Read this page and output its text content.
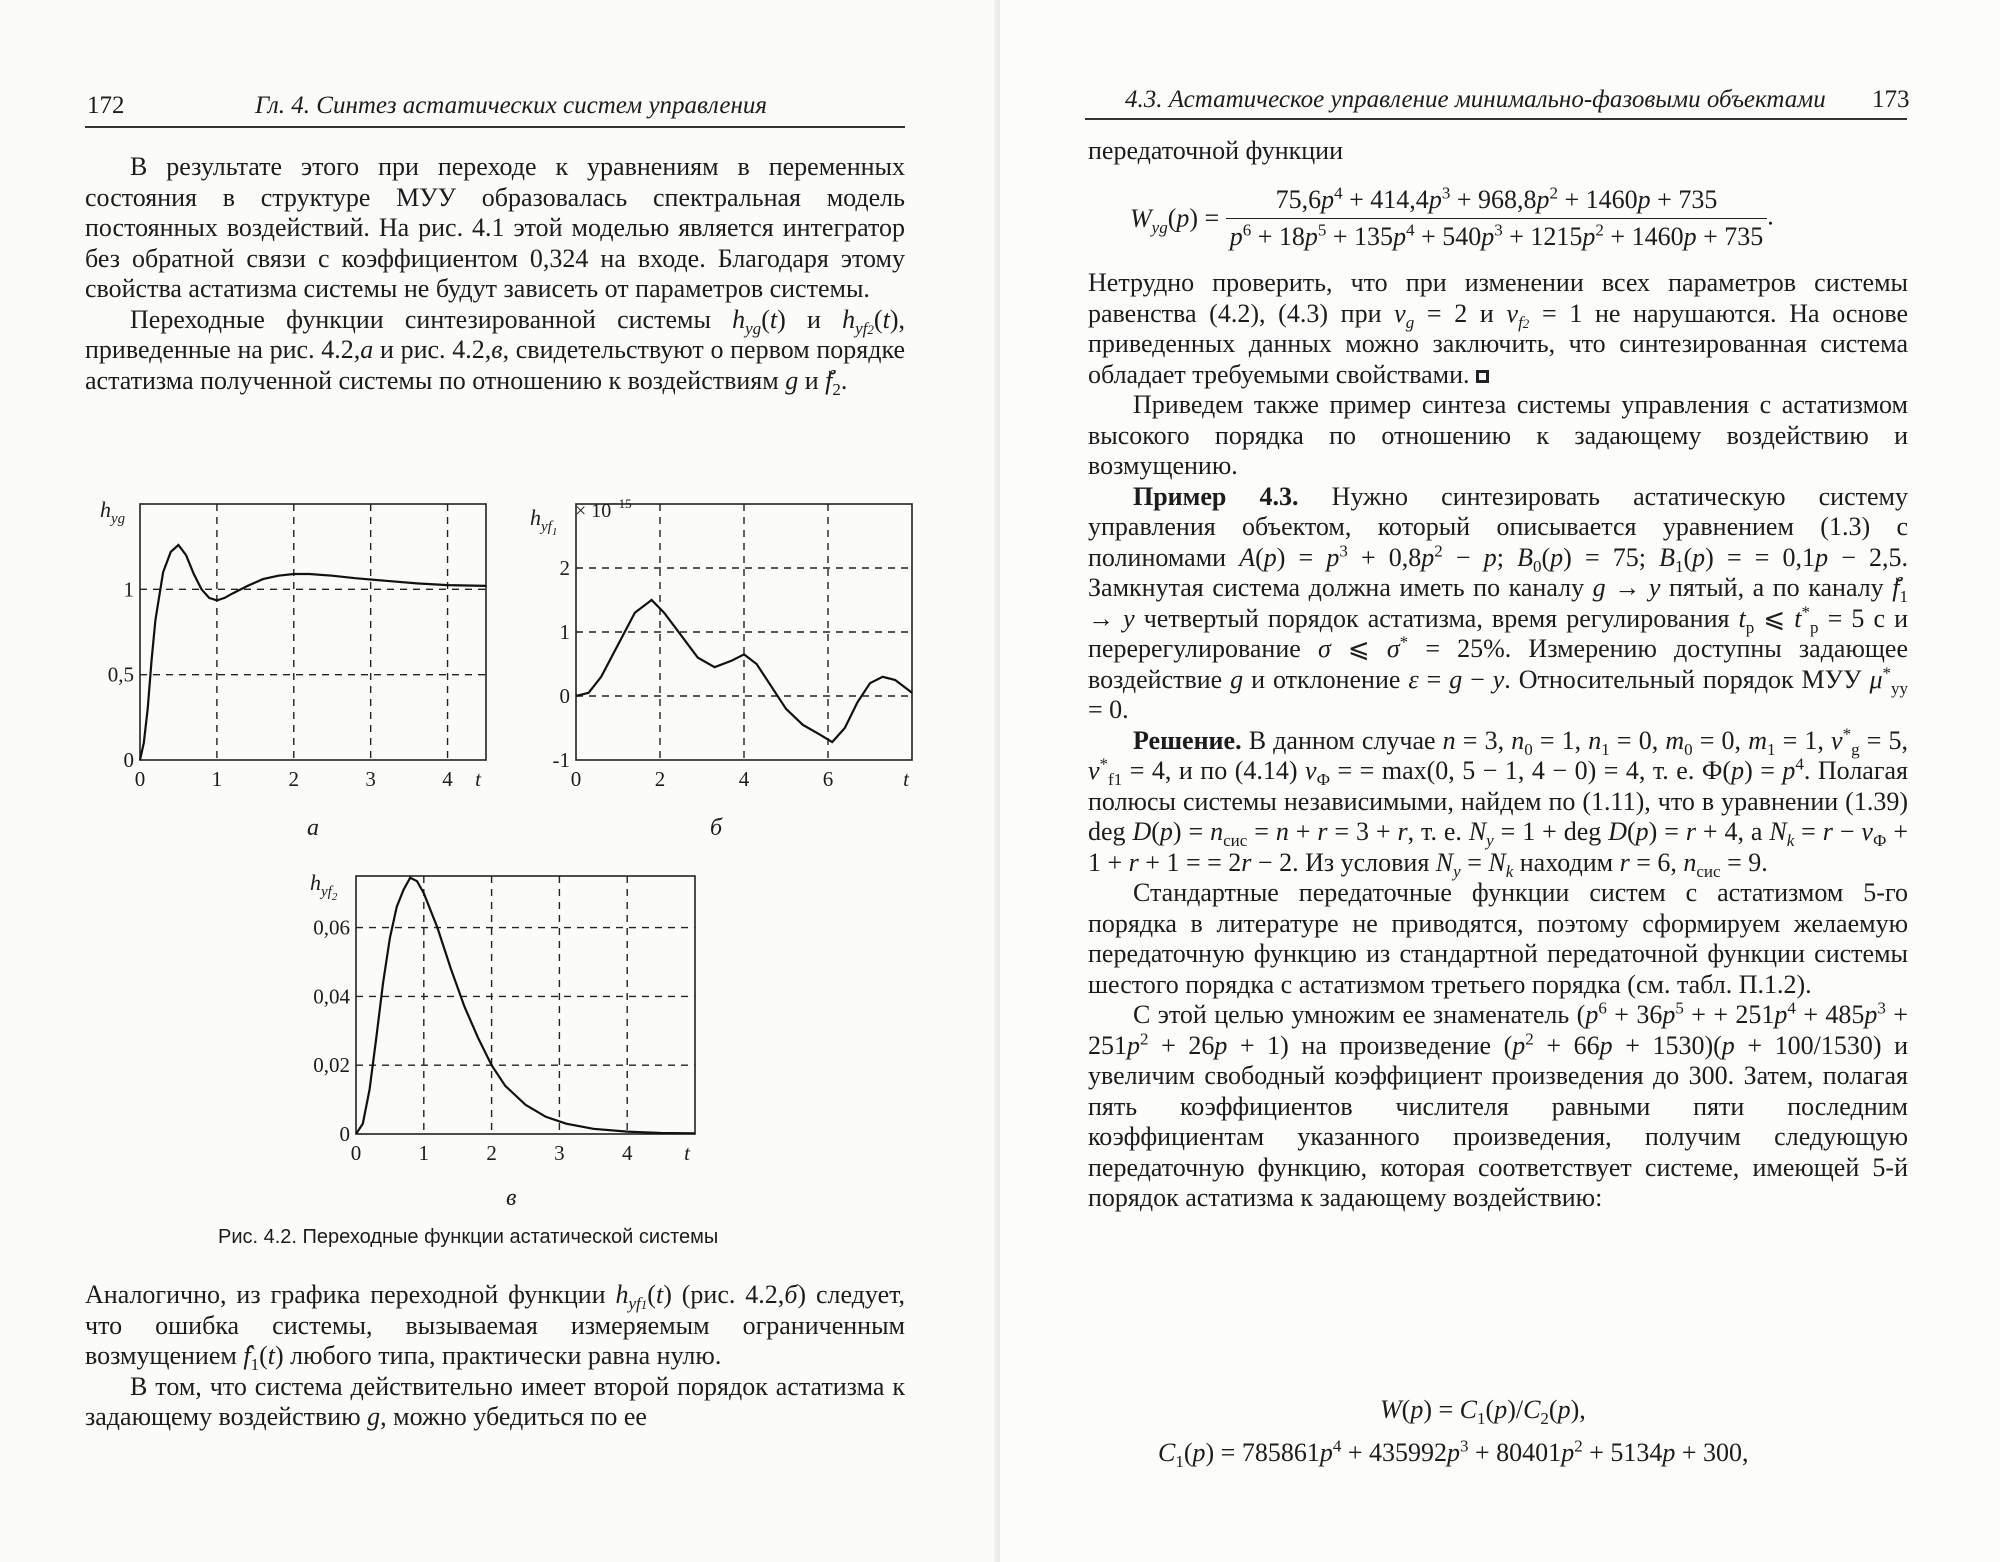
172	Гл. 4. Синтез астатических систем управления

В результате этого при переходе к уравнениям в переменных состояния в структуре МУУ образовалась спектральная модель постоянных воздействий. На рис. 4.1 этой моделью является интегратор без обратной связи с коэффициентом 0,324 на входе. Благодаря этому свойства астатизма системы не будут зависеть от параметров системы.

Переходные функции синтезированной системы $h_{yg}(t)$ и $h_{yf2}(t)$, приведенные на рис. 4.2,а и рис. 4.2,в, свидетельствуют о первом порядке астатизма полученной системы по отношению к воздействиям g и $f_2$.

0	1	2	3	4 t
0
0,5
1
$h_{yg}$
а
0	2	4	6	t
-1
0
1
2
$h_{yf}1$
× $10^{-15}$
б
0	1	2	3	4 t
0
0,02
0,04
0,06
$h_{yf}2$
в
Рис. 4.2. Переходные функции астатической системы

Аналогично, из графика переходной функции $h_{yf1}(t)$ (рис. 4.2,б) следует, что ошибка системы, вызываемая измеряемым ограниченным возмущением $f_1(t)$ любого типа, практически равна нулю.

В том, что система действительно имеет второй порядок астатизма к задающему воздействию g, можно убедиться по ее

4.3. Астатическое управление минимально-фазовыми объектами 173
передаточной функции
$W_{yg}(p) = \frac{75,6p^4 + 414,4p^3 + 968,8p^2 + 1460p + 735}{p^6 + 18p^5 + 135p^4 + 540p^3 + 1215p^2 + 1460p + 735}$ .

Нетрудно проверить, что при изменении всех параметров системы равенства (4.2), (4.3) при $\nu_g = 2$ и $\nu_{f2} = 1$ не нарушаются. На основе приведенных данных можно заключить, что синтезированная система обладает требуемыми свойствами.

Приведем также пример синтеза системы управления с астатизмом высокого порядка по отношению к задающему воздействию и возмущению.

Пример 4.3. Нужно синтезировать астатическую систему управления объектом, который описывается уравнением (1.3) с полиномами $A(p) = p^3 + 0,8p^2 - p$; $B_0(p) = 75$; $B_1(p)$ = = 0,1p − 2,5. Замкнутая система должна иметь по каналу g → y пятый, а по каналу $f_1 \to y$ четвертый порядок астатизма, время регулирования $t_р$ ⩽ $t^*_р = 5$ с и перерегулирование σ ⩽ σ* = 25%. Измерению доступны задающее воздействие g и отклонение ε = g − y. Относительный порядок МУУ $\mu^*_{уу} = 0$.

Решение. В данном случае n = 3, $n_0 = 1$, $n_1 = 0$, $m_0 = 0$, $m_1 = 1$, $\nu^*_g = 5$, $\nu^*_{f1} = 4$, и по (4.14) $\nu_Ф$ = = max(0, 5 − 1, 4 − 0) = 4, т. е. $Ф(p) = p^4$. Полагая полюсы системы независимыми, найдем по (1.11), что в уравнении (1.39) deg $D(p) = n_{сис} = n + r = 3 + r$, т. е. $N_y = 1$ + deg D(p) = r + 4, а $N_k = r - \nu_Ф + 1 + r + 1$ = = 2r − 2. Из условия $N_y = N_k$ находим r = 6, $n_{сис} = 9$.

Стандартные передаточные функции систем с астатизмом 5-го порядка в литературе не приводятся, поэтому сформируем желаемую передаточную функцию из стандартной передаточной функции системы шестого порядка с астатизмом третьего порядка (см. табл. П.1.2).

С этой целью умножим ее знаменатель ($p^6 + 36p^5$ + + $251p^4 + 485p^3 + 251p^2 + 26p + 1$) на произведение $(p^2 + 66p + 1530)(p + 100/1530)$ и увеличим свободный коэффициент произведения до 300. Затем, полагая пять коэффициентов числителя равными пяти последним коэффициентам указанного произведения, получим следующую передаточную функцию, которая соответствует системе, имеющей 5-й порядок астатизма к задающему воздействию:

$W(p) = C_1(p)/C_2(p)$,
$C_1(p) = 785861p^4 + 435992p^3 + 80401p^2 + 5134p + 300$,
